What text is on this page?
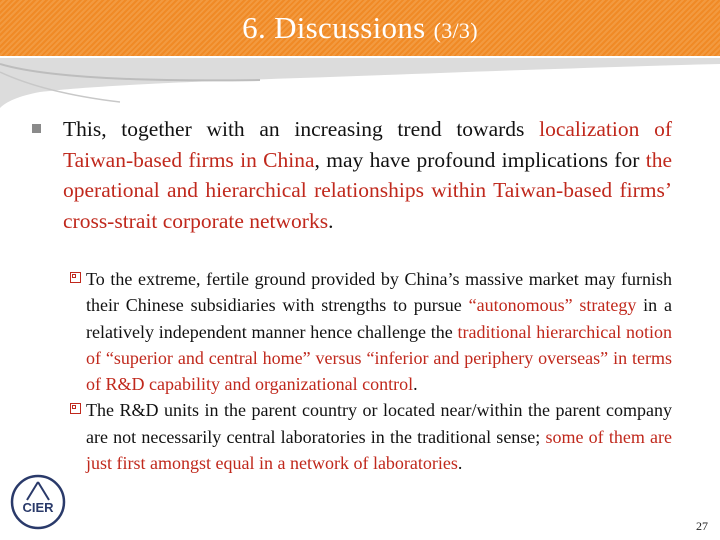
6. Discussions (3/3)
This, together with an increasing trend towards localization of Taiwan-based firms in China, may have profound implications for the operational and hierarchical relationships within Taiwan-based firms’ cross-strait corporate networks.
To the extreme, fertile ground provided by China’s massive market may furnish their Chinese subsidiaries with strengths to pursue “autonomous” strategy in a relatively independent manner hence challenge the traditional hierarchical notion of “superior and central home” versus “inferior and periphery overseas” in terms of R&D capability and organizational control.
The R&D units in the parent country or located near/within the parent company are not necessarily central laboratories in the traditional sense; some of them are just first amongst equal in a network of laboratories.
CIER
27
